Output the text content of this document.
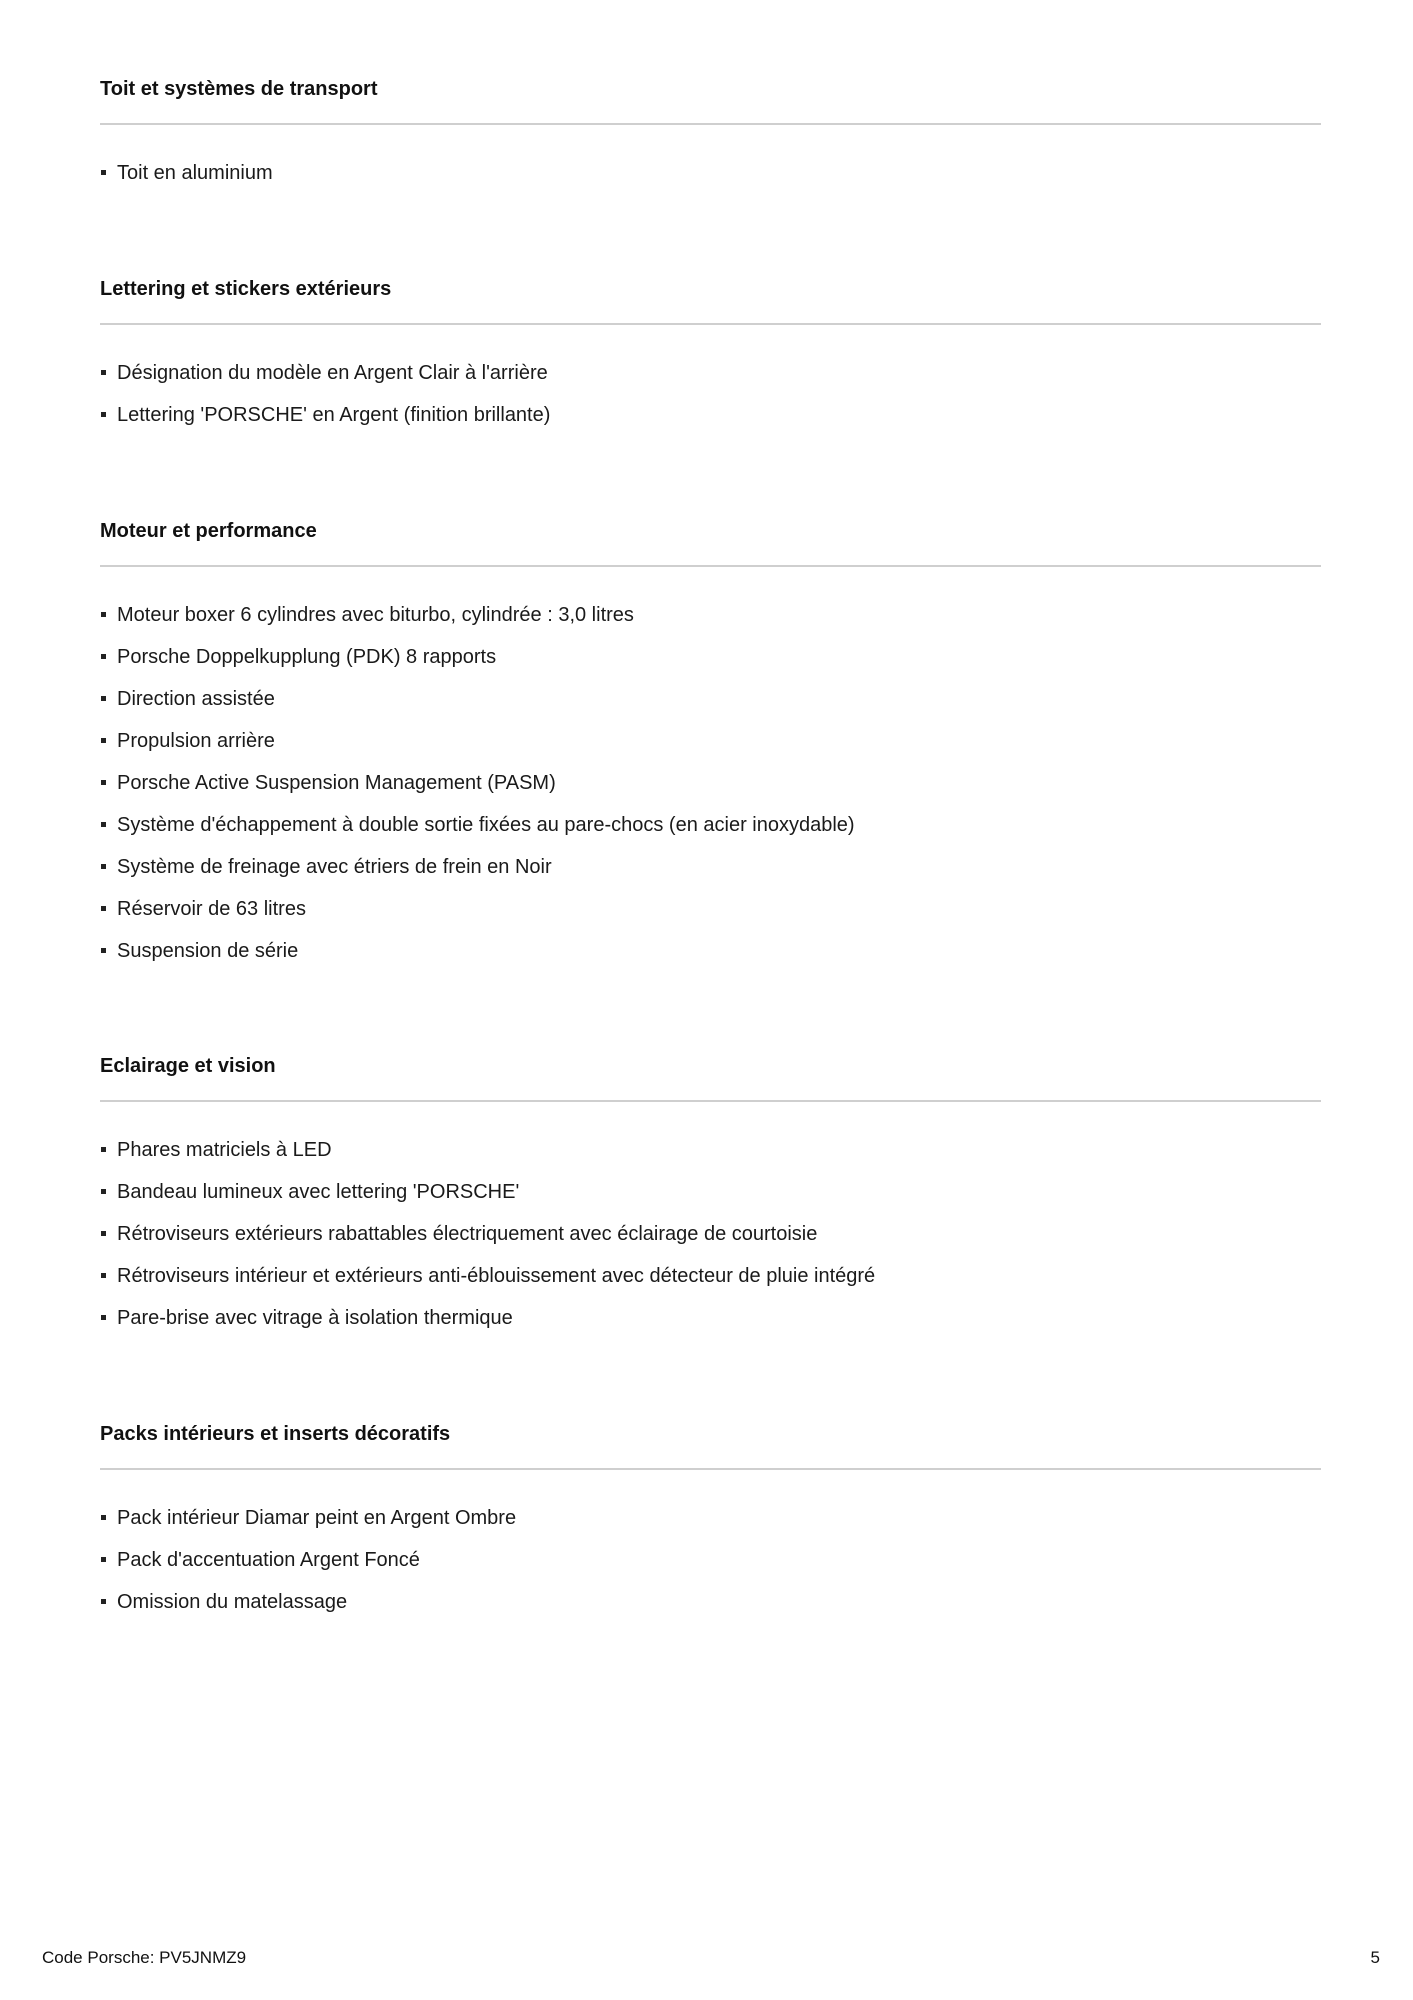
Toit et systèmes de transport
Toit en aluminium
Lettering et stickers extérieurs
Désignation du modèle en Argent Clair à l'arrière
Lettering 'PORSCHE' en Argent (finition brillante)
Moteur et performance
Moteur boxer 6 cylindres avec biturbo, cylindrée : 3,0 litres
Porsche Doppelkupplung (PDK) 8 rapports
Direction assistée
Propulsion arrière
Porsche Active Suspension Management (PASM)
Système d'échappement à double sortie fixées au pare-chocs (en acier inoxydable)
Système de freinage avec étriers de frein en Noir
Réservoir de 63 litres
Suspension de série
Eclairage et vision
Phares matriciels à LED
Bandeau lumineux avec lettering 'PORSCHE'
Rétroviseurs extérieurs rabattables électriquement avec éclairage de courtoisie
Rétroviseurs intérieur et extérieurs anti-éblouissement avec détecteur de pluie intégré
Pare-brise avec vitrage à isolation thermique
Packs intérieurs et inserts décoratifs
Pack intérieur Diamar peint en Argent Ombre
Pack d'accentuation Argent Foncé
Omission du matelassage
Code Porsche: PV5JNMZ9	5
